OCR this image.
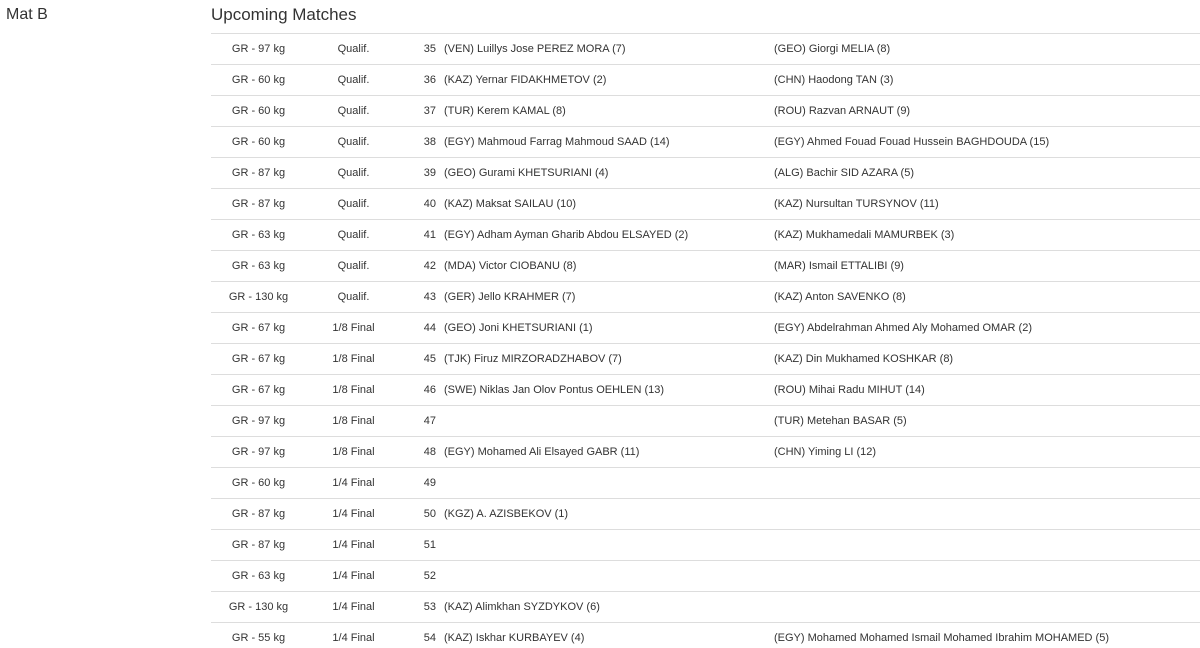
Mat B	Upcoming Matches
GR - 97 kg	Qualif.	35 (VEN) Luillys Jose PEREZ MORA (7)	(GEO) Giorgi MELIA (8)
GR - 60 kg	Qualif.	36 (KAZ) Yernar FIDAKHMETOV (2)	(CHN) Haodong TAN (3)
GR - 60 kg	Qualif.	37 (TUR) Kerem KAMAL (8)	(ROU) Razvan ARNAUT (9)
GR - 60 kg	Qualif.	38 (EGY) Mahmoud Farrag Mahmoud SAAD (14)	(EGY) Ahmed Fouad Fouad Hussein BAGHDOUDA (15)
GR - 87 kg	Qualif.	39 (GEO) Gurami KHETSURIANI (4)	(ALG) Bachir SID AZARA (5)
GR - 87 kg	Qualif.	40 (KAZ) Maksat SAILAU (10)	(KAZ) Nursultan TURSYNOV (11)
GR - 63 kg	Qualif.	41 (EGY) Adham Ayman Gharib Abdou ELSAYED (2)	(KAZ) Mukhamedali MAMURBEK (3)
GR - 63 kg	Qualif.	42 (MDA) Victor CIOBANU (8)	(MAR) Ismail ETTALIBI (9)
GR - 130 kg	Qualif.	43 (GER) Jello KRAHMER (7)	(KAZ) Anton SAVENKO (8)
GR - 67 kg	1/8 Final	44 (GEO) Joni KHETSURIANI (1)	(EGY) Abdelrahman Ahmed Aly Mohamed OMAR (2)
GR - 67 kg	1/8 Final	45 (TJK) Firuz MIRZORADZHABOV (7)	(KAZ) Din Mukhamed KOSHKAR (8)
GR - 67 kg	1/8 Final	46 (SWE) Niklas Jan Olov Pontus OEHLEN (13)	(ROU) Mihai Radu MIHUT (14)
GR - 97 kg	1/8 Final	47	(TUR) Metehan BASAR (5)
GR - 97 kg	1/8 Final	48 (EGY) Mohamed Ali Elsayed GABR (11)	(CHN) Yiming LI (12)
GR - 60 kg	1/4 Final	49
GR - 87 kg	1/4 Final	50 (KGZ) A. AZISBEKOV (1)
GR - 87 kg	1/4 Final	51
GR - 63 kg	1/4 Final	52
GR - 130 kg	1/4 Final	53 (KAZ) Alimkhan SYZDYKOV (6)
GR - 55 kg	1/4 Final	54 (KAZ) Iskhar KURBAYEV (4)	(EGY) Mohamed Mohamed Ismail Mohamed Ibrahim MOHAMED (5)
